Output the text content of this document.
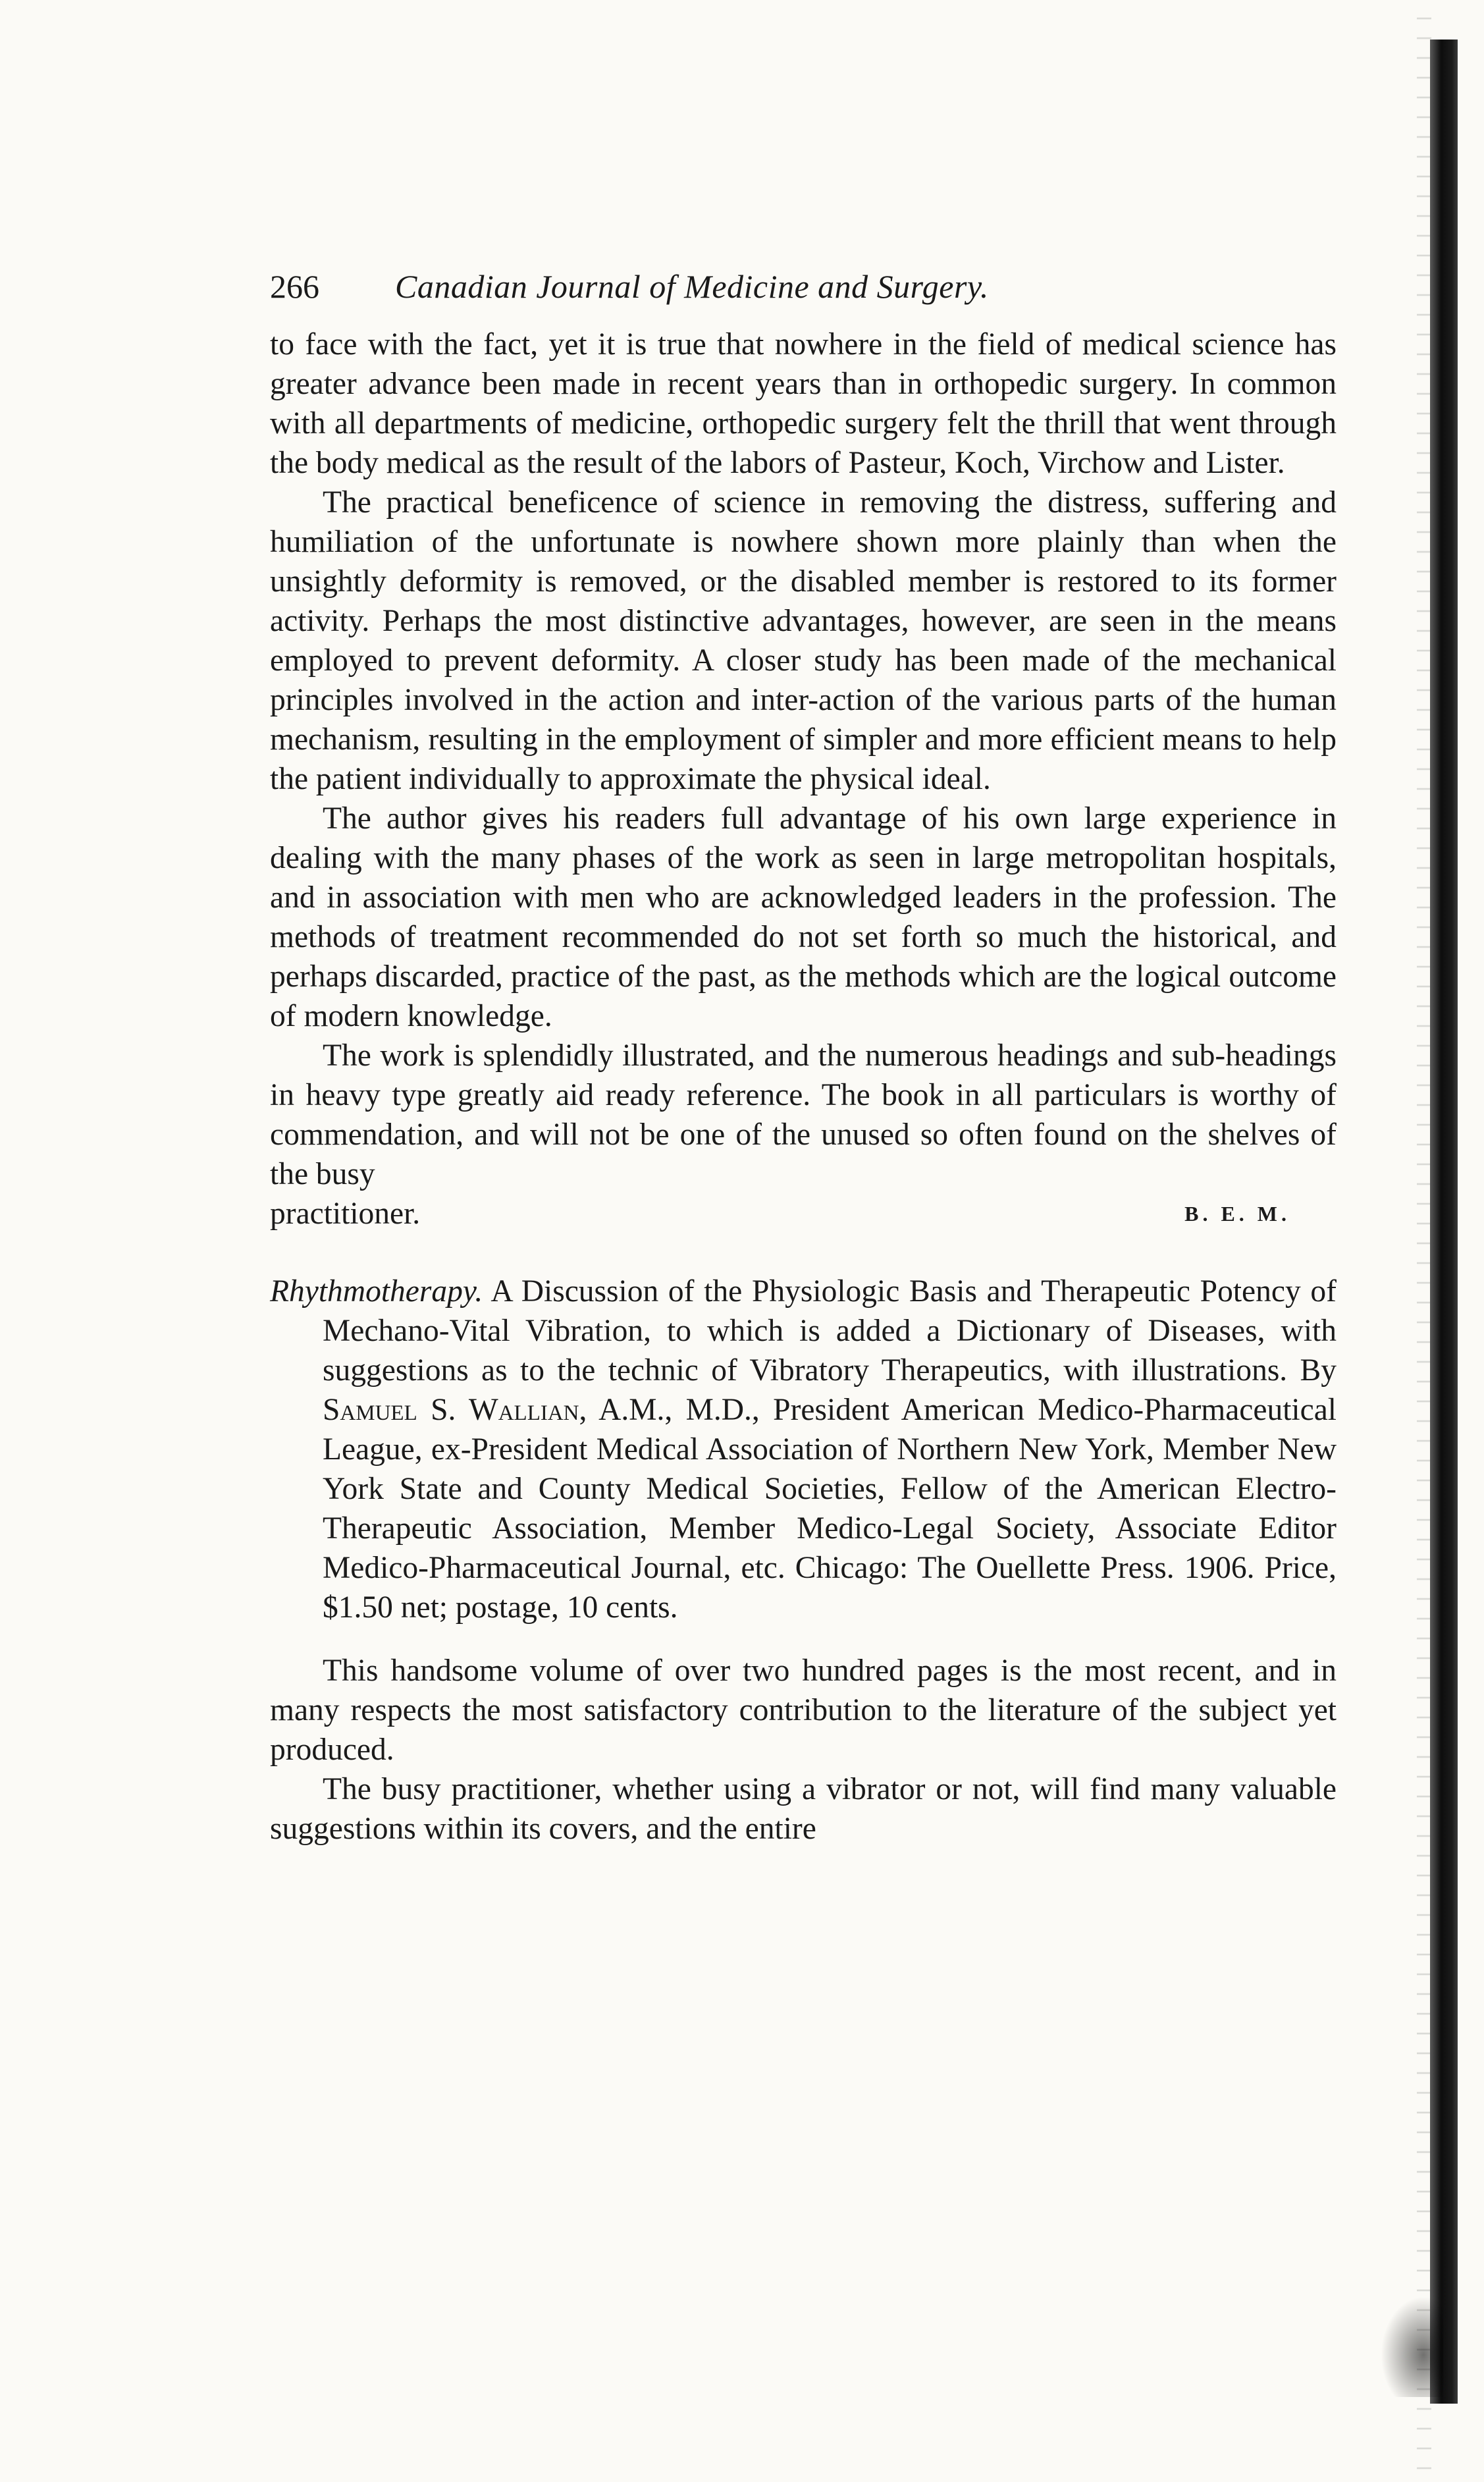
266	Canadian Journal of Medicine and Surgery.

to face with the fact, yet it is true that nowhere in the field of medical science has greater advance been made in recent years than in orthopedic surgery. In common with all departments of medicine, orthopedic surgery felt the thrill that went through the body medical as the result of the labors of Pasteur, Koch, Virchow and Lister.

The practical beneficence of science in removing the distress, suffering and humiliation of the unfortunate is nowhere shown more plainly than when the unsightly deformity is removed, or the disabled member is restored to its former activity. Perhaps the most distinctive advantages, however, are seen in the means employed to prevent deformity. A closer study has been made of the mechanical principles involved in the action and inter-action of the various parts of the human mechanism, resulting in the employment of simpler and more efficient means to help the patient individually to approximate the physical ideal.

The author gives his readers full advantage of his own large experience in dealing with the many phases of the work as seen in large metropolitan hospitals, and in association with men who are acknowledged leaders in the profession. The methods of treatment recommended do not set forth so much the historical, and perhaps discarded, practice of the past, as the methods which are the logical outcome of modern knowledge.

The work is splendidly illustrated, and the numerous headings and sub-headings in heavy type greatly aid ready reference. The book in all particulars is worthy of commendation, and will not be one of the unused so often found on the shelves of the busy

practitioner.	B. E. M.
Rhythmotherapy. A Discussion of the Physiologic Basis and Therapeutic Potency of Mechano-Vital Vibration, to which is added a Dictionary of Diseases, with suggestions as to the technic of Vibratory Therapeutics, with illustrations. By Samuel S. Wallian, A.M., M.D., President American Medico-Pharmaceutical League, ex-President Medical Association of Northern New York, Member New York State and County Medical Societies, Fellow of the American Electro-Therapeutic Association, Member Medico-Legal Society, Associate Editor Medico-Pharmaceutical Journal, etc. Chicago: The Ouellette Press. 1906. Price, $1.50 net; postage, 10 cents.

This handsome volume of over two hundred pages is the most recent, and in many respects the most satisfactory contribution to the literature of the subject yet produced.

The busy practitioner, whether using a vibrator or not, will find many valuable suggestions within its covers, and the entire
